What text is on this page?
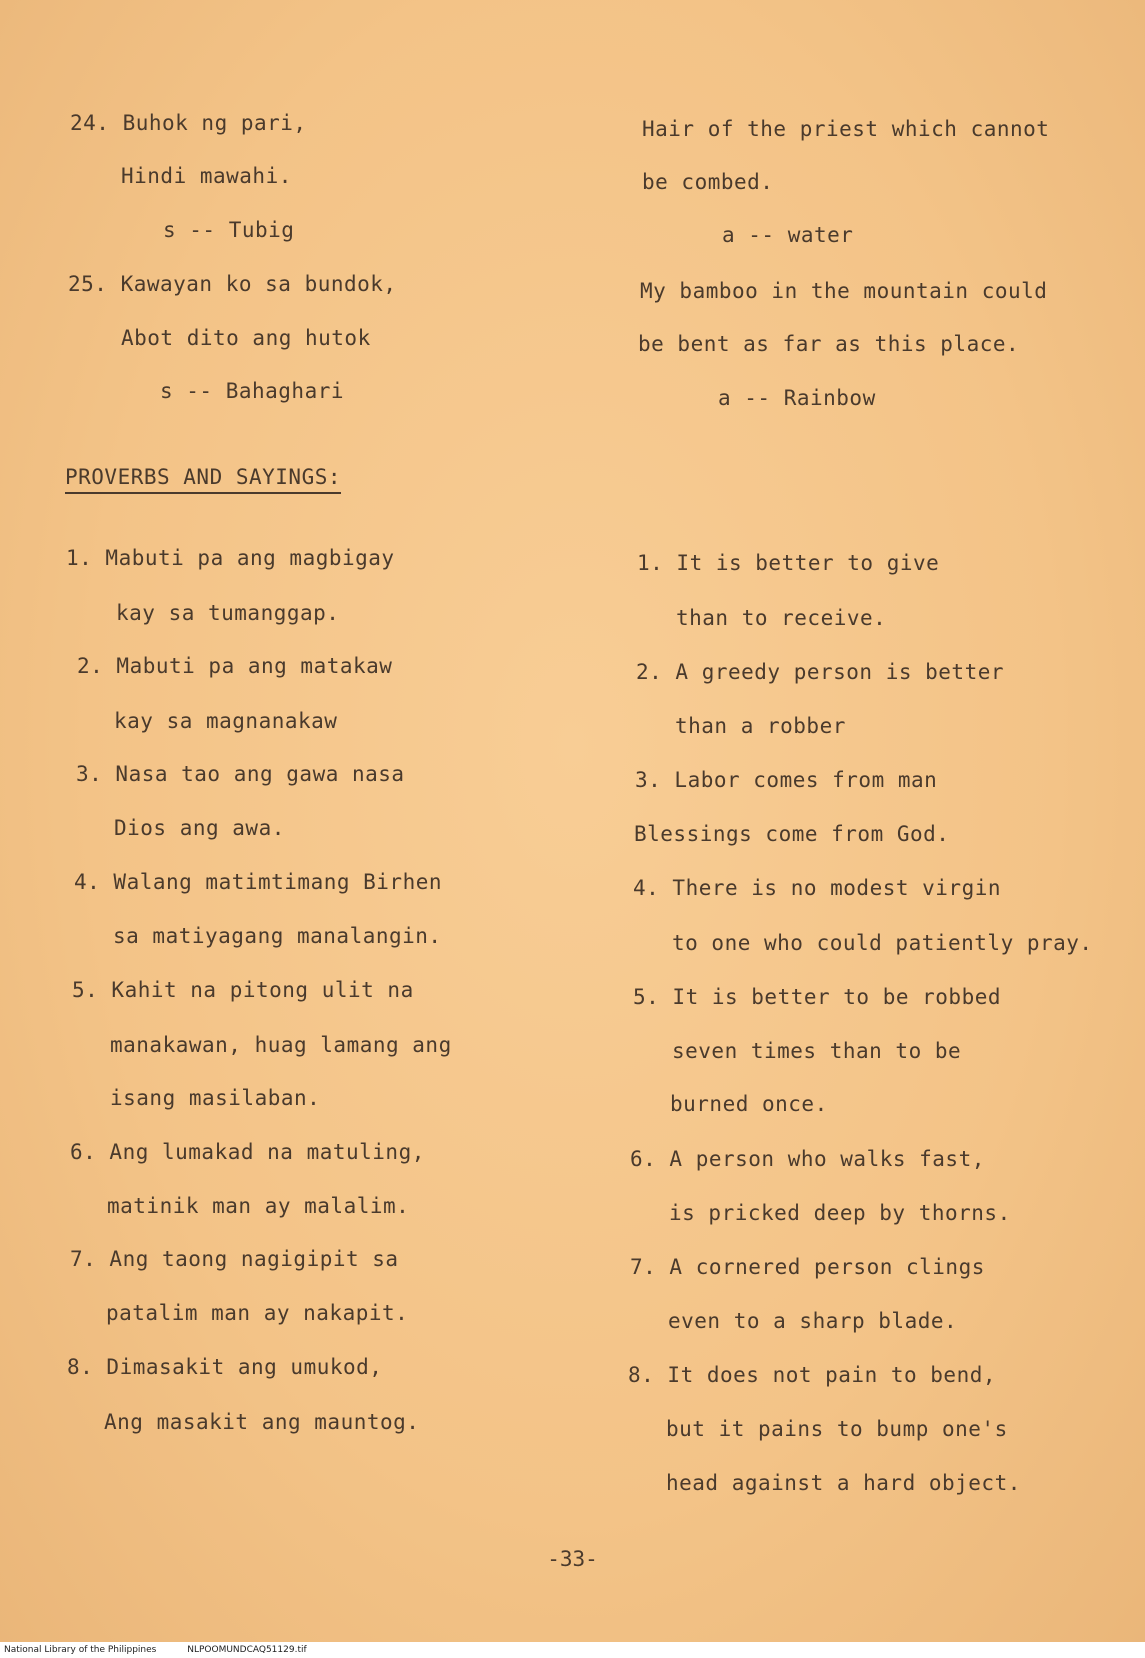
24. Buhok ng pari,
Hindi mawahi.
s -- Tubig
25. Kawayan ko sa bundok,
Abot dito ang hutok
s -- Bahaghari
Hair of the priest which cannot
be combed.
a -- water
My bamboo in the mountain could
be bent as far as this place.
a -- Rainbow
PROVERBS AND SAYINGS:
1. Mabuti pa ang magbigay
kay sa tumanggap.
2. Mabuti pa ang matakaw
kay sa magnanakaw
3. Nasa tao ang gawa nasa
Dios ang awa.
4. Walang matimtimang Birhen
sa matiyagang manalangin.
5. Kahit na pitong ulit na
manakawan, huag lamang ang
isang masilaban.
6. Ang lumakad na matuling,
matinik man ay malalim.
7. Ang taong nagigipit sa
patalim man ay nakapit.
8. Dimasakit ang umukod,
Ang masakit ang mauntog.
1. It is better to give
than to receive.
2. A greedy person is better
than a robber
3. Labor comes from man
Blessings come from God.
4. There is no modest virgin
to one who could patiently pray.
5. It is better to be robbed
seven times than to be
burned once.
6. A person who walks fast,
is pricked deep by thorns.
7. A cornered person clings
even to a sharp blade.
8. It does not pain to bend,
but it pains to bump one's
head against a hard object.
-33-
National Library of the Philippines	NLPOOMUNDCAQ51129.tif
